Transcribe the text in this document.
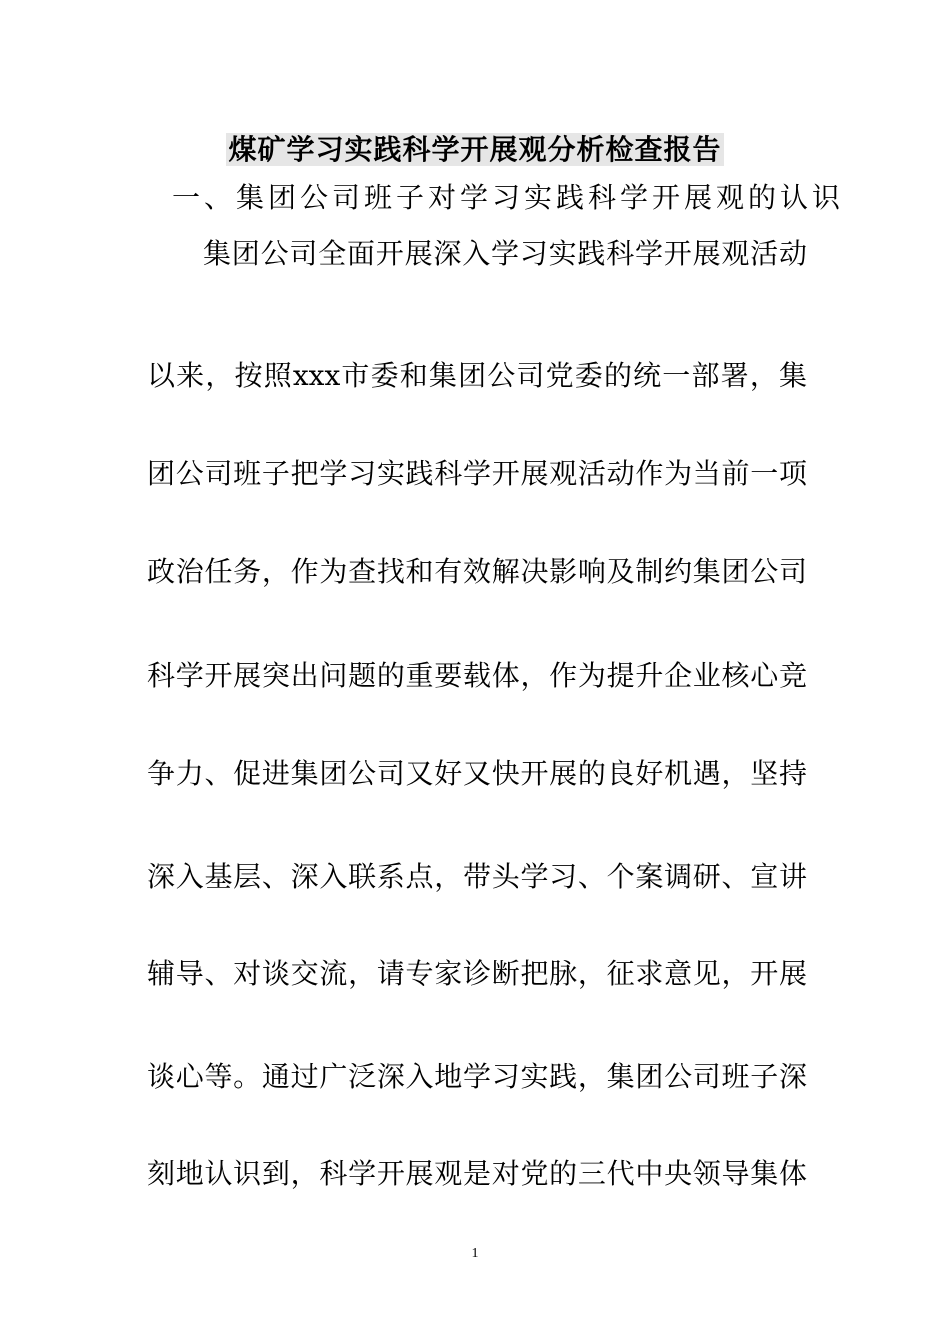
煤矿学习实践科学开展观分析检查报告
一、集团公司班子对学习实践科学开展观的认识
集团公司全面开展深入学习实践科学开展观活动
以来，按照xxx市委和集团公司党委的统一部署，集
团公司班子把学习实践科学开展观活动作为当前一项
政治任务，作为查找和有效解决影响及制约集团公司
科学开展突出问题的重要载体，作为提升企业核心竞
争力、促进集团公司又好又快开展的良好机遇，坚持
深入基层、深入联系点，带头学习、个案调研、宣讲
辅导、对谈交流，请专家诊断把脉，征求意见，开展
谈心等。通过广泛深入地学习实践，集团公司班子深
刻地认识到，科学开展观是对党的三代中央领导集体
1
